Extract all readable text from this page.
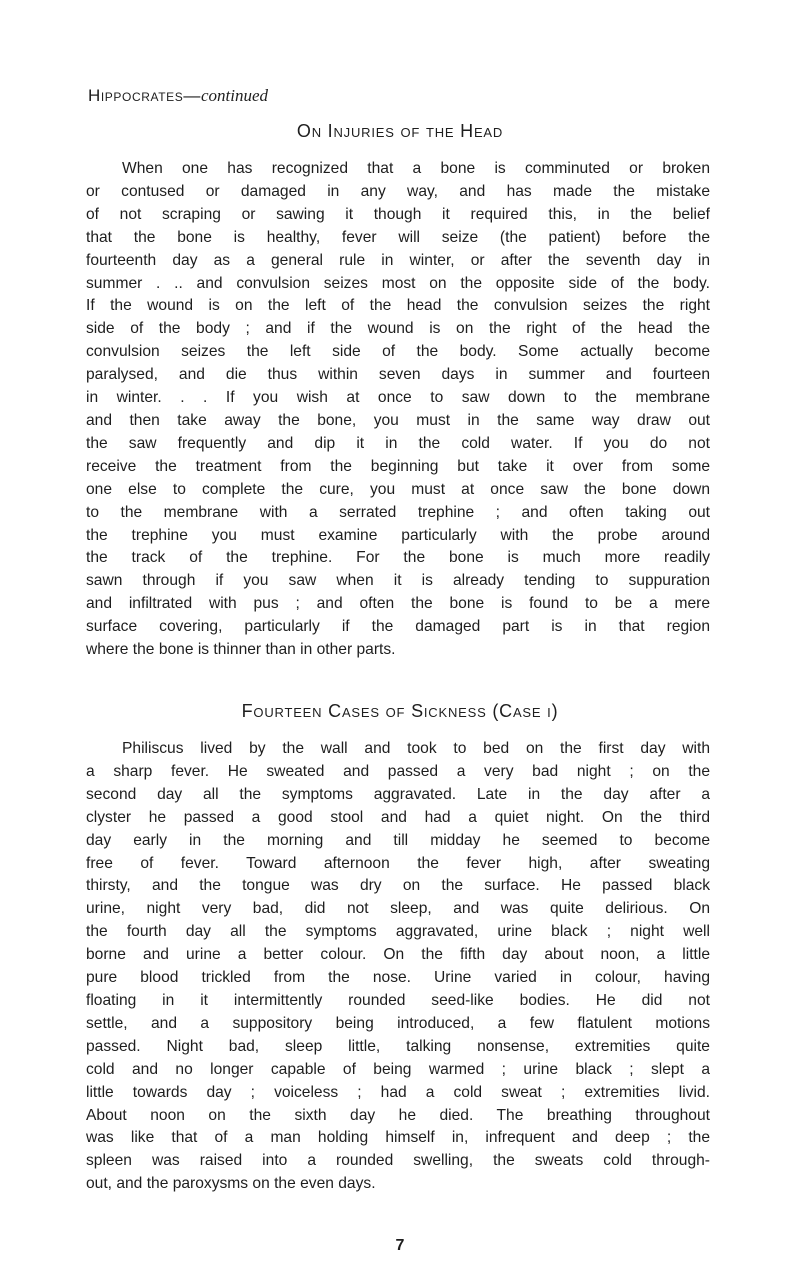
Hippocrates—continued
On Injuries of the Head
When one has recognized that a bone is comminuted or broken
or contused or damaged in any way, and has made the mistake
of not scraping or sawing it though it required this, in the belief
that the bone is healthy, fever will seize (the patient) before the
fourteenth day as a general rule in winter, or after the seventh day in
summer . .. and convulsion seizes most on the opposite side of the body.
If the wound is on the left of the head the convulsion seizes the right
side of the body ; and if the wound is on the right of the head the
convulsion seizes the left side of the body. Some actually become
paralysed, and die thus within seven days in summer and fourteen
in winter. . . If you wish at once to saw down to the membrane
and then take away the bone, you must in the same way draw out
the saw frequently and dip it in the cold water. If you do not
receive the treatment from the beginning but take it over from some
one else to complete the cure, you must at once saw the bone down
to the membrane with a serrated trephine ; and often taking out
the trephine you must examine particularly with the probe around
the track of the trephine. For the bone is much more readily
sawn through if you saw when it is already tending to suppuration
and infiltrated with pus ; and often the bone is found to be a mere
surface covering, particularly if the damaged part is in that region
where the bone is thinner than in other parts.
Fourteen Cases of Sickness (Case i)
Philiscus lived by the wall and took to bed on the first day with
a sharp fever. He sweated and passed a very bad night ; on the
second day all the symptoms aggravated. Late in the day after a
clyster he passed a good stool and had a quiet night. On the third
day early in the morning and till midday he seemed to become
free of fever. Toward afternoon the fever high, after sweating
thirsty, and the tongue was dry on the surface. He passed black
urine, night very bad, did not sleep, and was quite delirious. On
the fourth day all the symptoms aggravated, urine black ; night well
borne and urine a better colour. On the fifth day about noon, a little
pure blood trickled from the nose. Urine varied in colour, having
floating in it intermittently rounded seed-like bodies. He did not
settle, and a suppository being introduced, a few flatulent motions
passed. Night bad, sleep little, talking nonsense, extremities quite
cold and no longer capable of being warmed ; urine black ; slept a
little towards day ; voiceless ; had a cold sweat ; extremities livid.
About noon on the sixth day he died. The breathing throughout
was like that of a man holding himself in, infrequent and deep ; the
spleen was raised into a rounded swelling, the sweats cold through-
out, and the paroxysms on the even days.
7
